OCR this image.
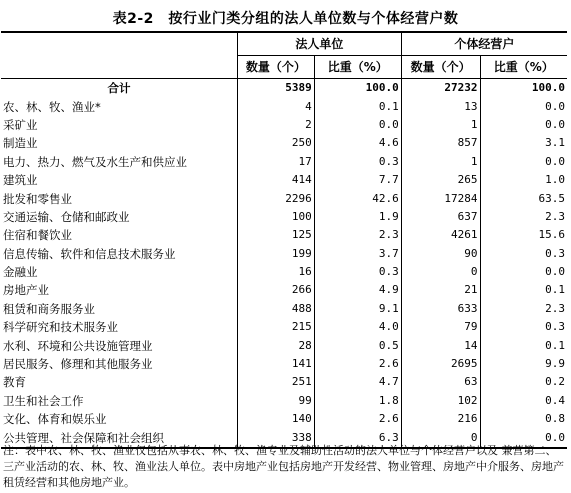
表2-2　按行业门类分组的法人单位数与个体经营户数
	法人单位		个体经营户	
	数量（个）	比重（%）	数量（个）	比重（%）
合计	5389	100.0	27232	100.0
农、林、牧、渔业*	4	0.1	13	0.0
采矿业	2	0.0	1	0.0
制造业	250	4.6	857	3.1
电力、热力、燃气及水生产和供应业	17	0.3	1	0.0
建筑业	414	7.7	265	1.0
批发和零售业	2296	42.6	17284	63.5
交通运输、仓储和邮政业	100	1.9	637	2.3
住宿和餐饮业	125	2.3	4261	15.6
信息传输、软件和信息技术服务业	199	3.7	90	0.3
金融业	16	0.3	0	0.0
房地产业	266	4.9	21	0.1
租赁和商务服务业	488	9.1	633	2.3
科学研究和技术服务业	215	4.0	79	0.3
水利、环境和公共设施管理业	28	0.5	14	0.1
居民服务、修理和其他服务业	141	2.6	2695	9.9
教育	251	4.7	63	0.2
卫生和社会工作	99	1.8	102	0.4
文化、体育和娱乐业	140	2.6	216	0.8
公共管理、社会保障和社会组织	338	6.3	0	0.0
注：表中农、林、牧、渔业仅包括从事农、林、牧、渔专业及辅助性活动的法人单位与个体经营户以及 兼营第二、三产业活动的农、林、牧、渔业法人单位。表中房地产业包括房地产开发经营、物业管理、房地产中介服务、房地产租赁经营和其他房地产业。
